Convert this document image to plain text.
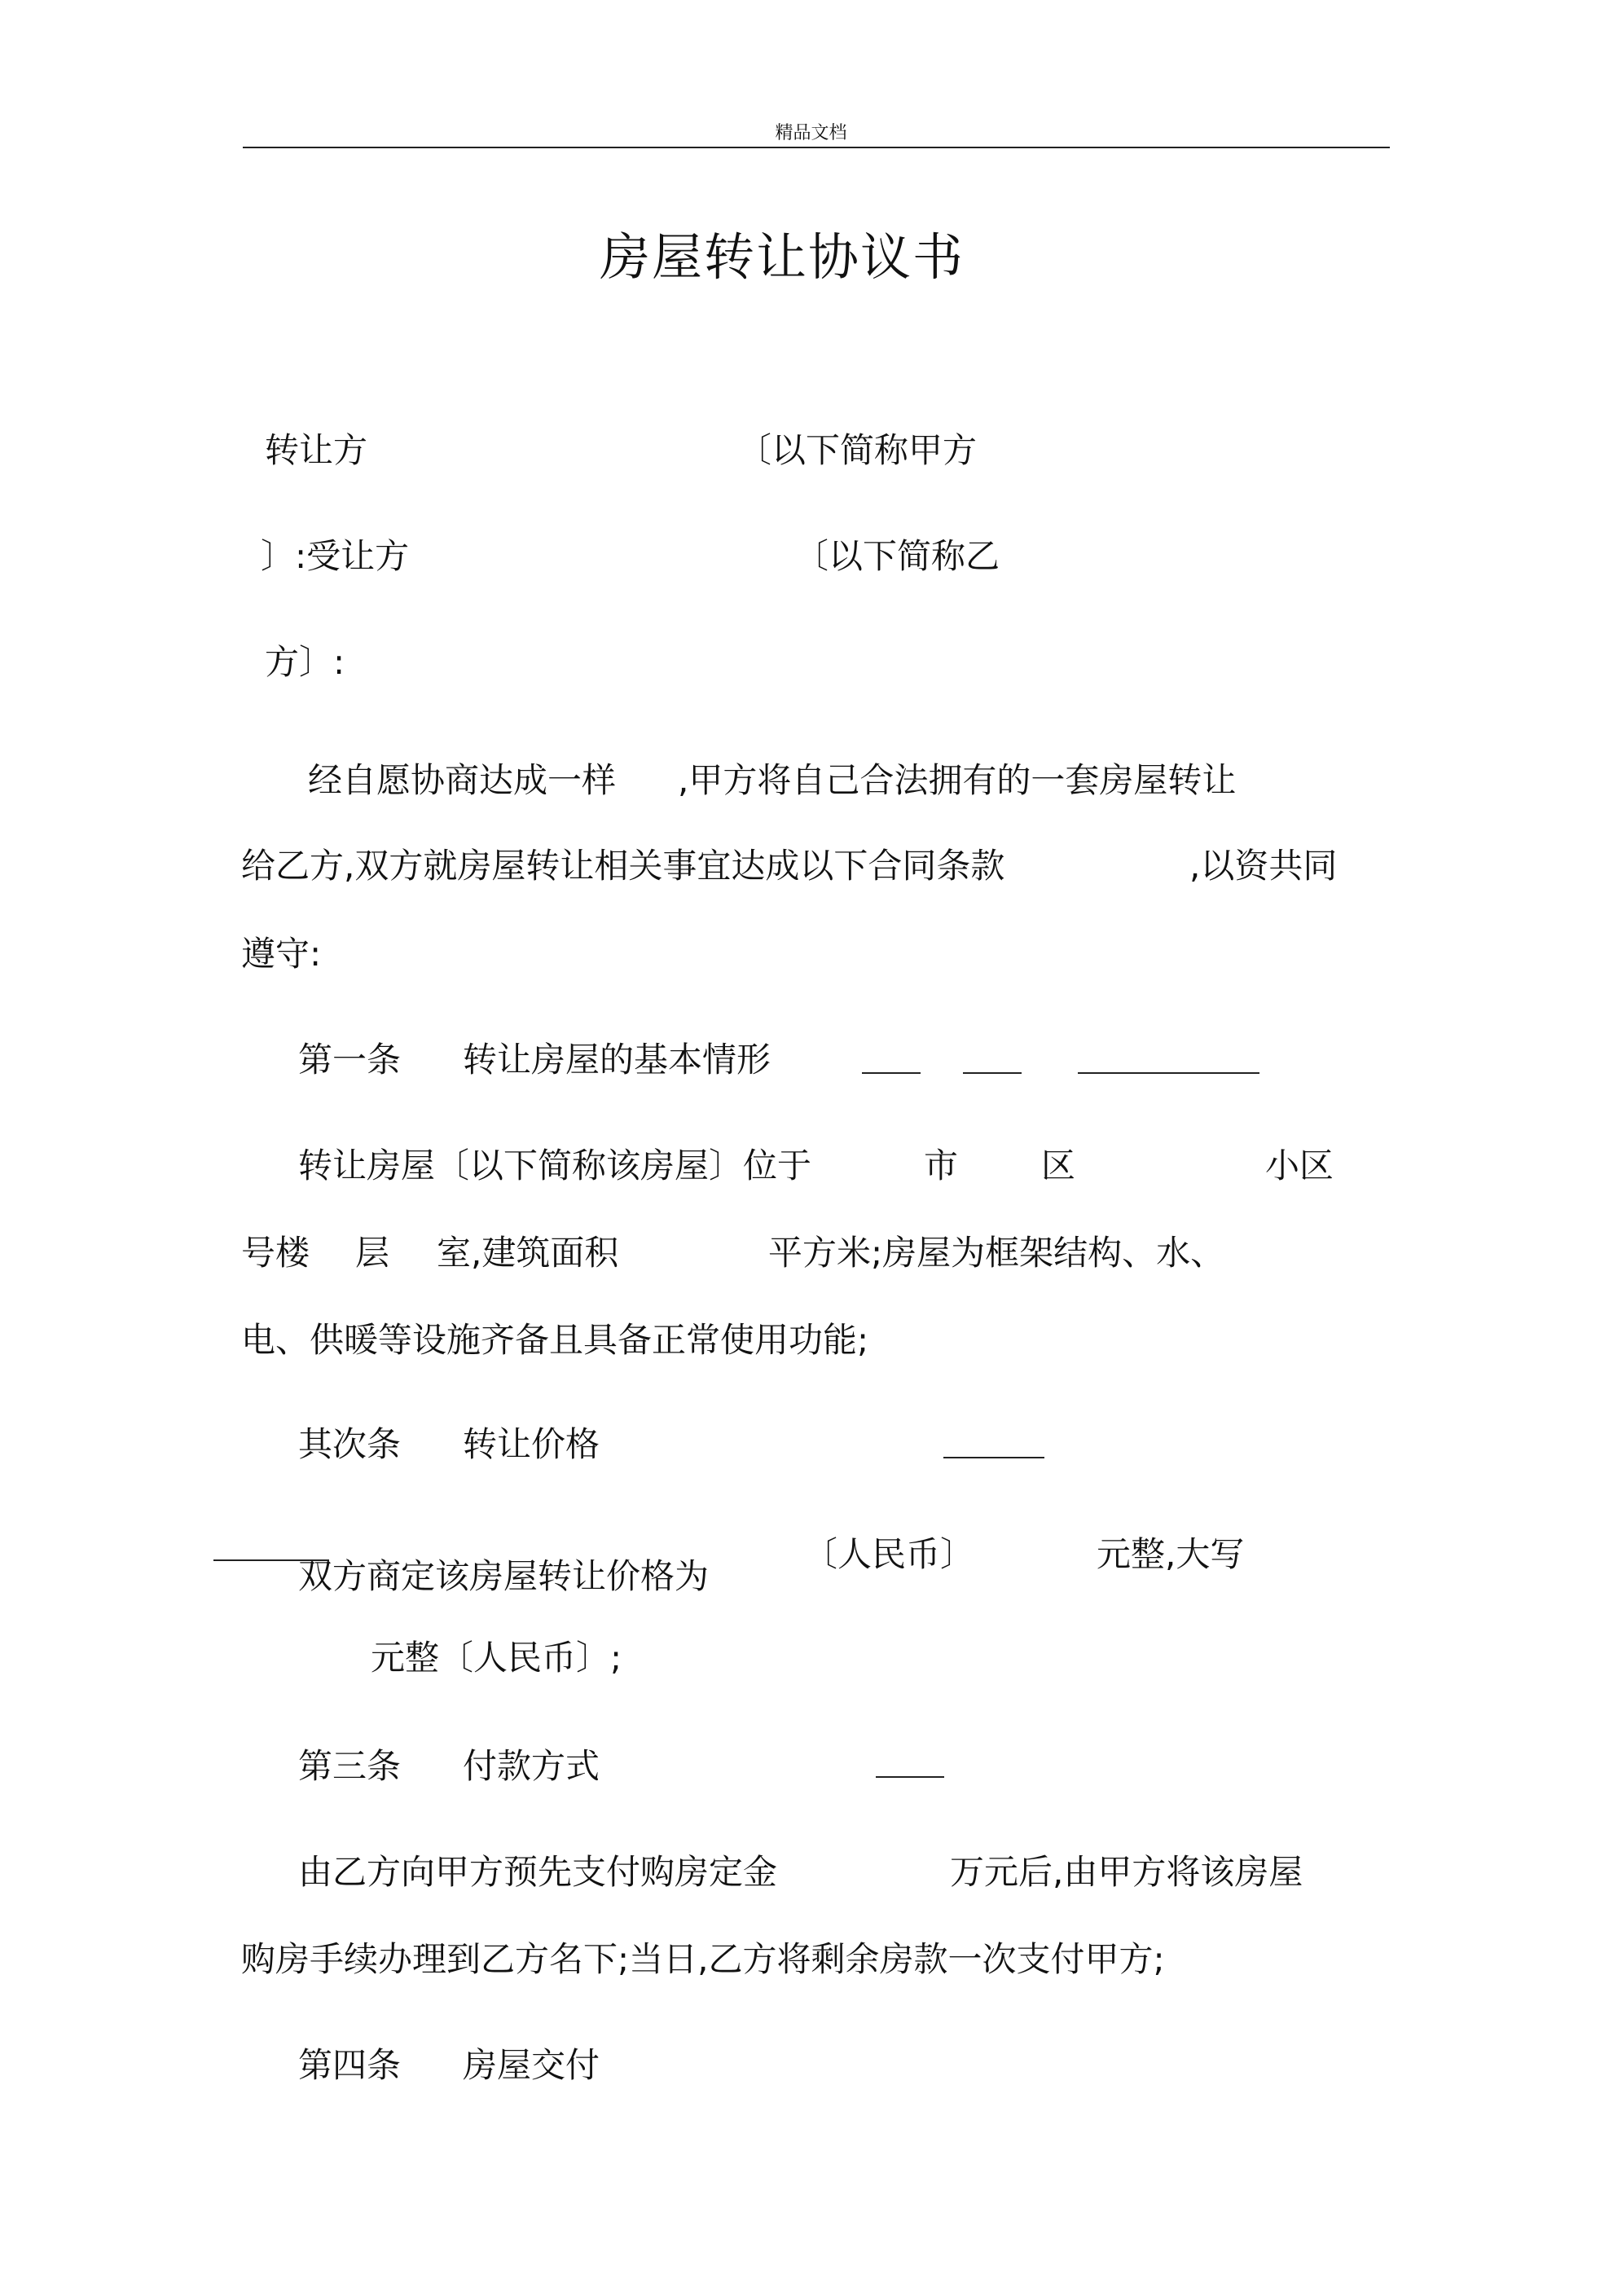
精品文档
房屋转让协议书
转让方	〔以下简称甲方
〕:受让方	〔以下简称乙
方〕:
经自愿协商达成一样 ,甲方将自己合法拥有的一套房屋转让
给乙方,双方就房屋转让相关事宜达成以下合同条款	,以资共同
遵守:
第一条 转让房屋的基本情形
转让房屋〔以下简称该房屋〕位于	市 区	小区
号楼 层 室,建筑面积	平方米;房屋为框架结构、水、
电、供暖等设施齐备且具备正常使用功能;
其次条 转让价格
双方商定该房屋转让价格为
〔人民币〕	元整,大写
元整〔人民币〕;
第三条 付款方式
由乙方向甲方预先支付购房定金	万元后,由甲方将该房屋
购房手续办理到乙方名下;当日,乙方将剩余房款一次支付甲方;
第四条 房屋交付
